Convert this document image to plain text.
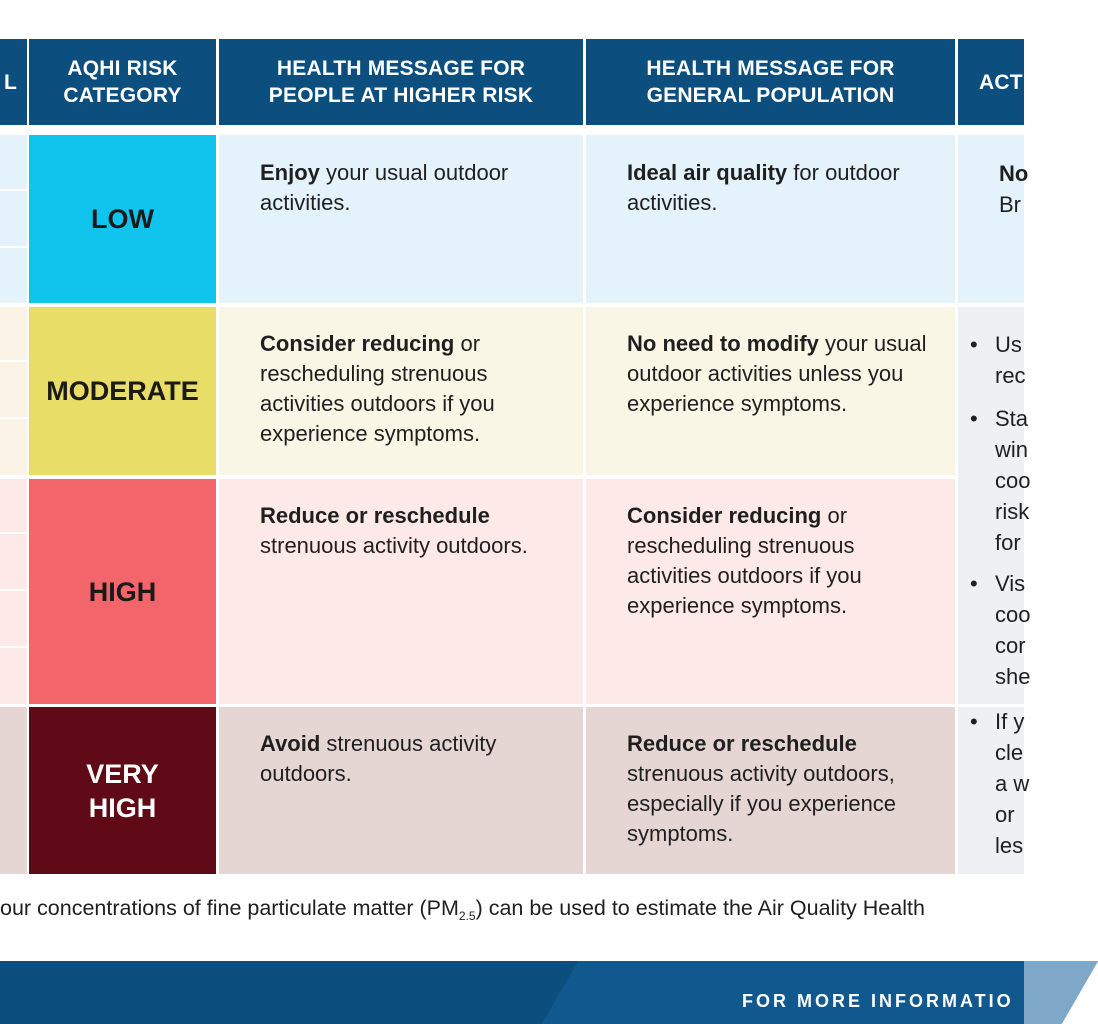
L
AQHI RISK
CATEGORY
HEALTH MESSAGE FOR
PEOPLE AT HIGHER RISK
HEALTH MESSAGE FOR
GENERAL POPULATION
ACT
LOW
Enjoy your usual outdoor activities.
Ideal air quality for outdoor activities.
No
Br
MODERATE
Consider reducing or rescheduling strenuous activities outdoors if you experience symptoms.
No need to modify your usual outdoor activities unless you experience symptoms.
HIGH
Reduce or reschedule strenuous activity outdoors.
Consider reducing or rescheduling strenuous activities outdoors if you experience symptoms.
• Us
rec
• Sta
win
coo
risk
for
• Vis
coo
cor
she
VERY
HIGH
Avoid strenuous activity outdoors.
Reduce or reschedule strenuous activity outdoors, especially if you experience symptoms.
• If y
cle
a w
or
les
our concentrations of fine particulate matter $(PM_{2.5})$ can be used to estimate the Air Quality Health
FOR MORE INFORMATIO
